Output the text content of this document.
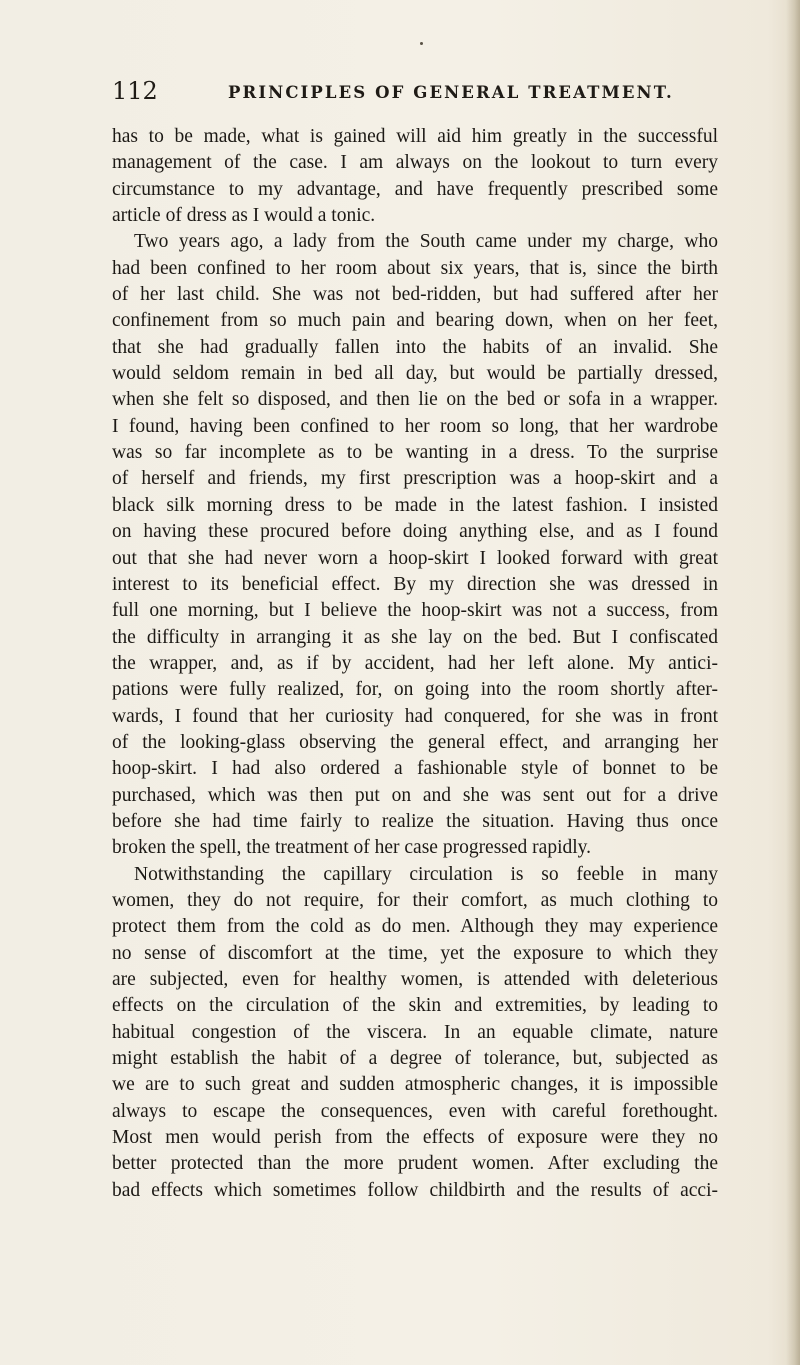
112	PRINCIPLES OF GENERAL TREATMENT.

has to be made, what is gained will aid him greatly in the successful

management of the case. I am always on the lookout to turn every

circumstance to my advantage, and have frequently prescribed some

article of dress as I would a tonic.

Two years ago, a lady from the South came under my charge, who

had been confined to her room about six years, that is, since the birth

of her last child. She was not bed-ridden, but had suffered after her

confinement from so much pain and bearing down, when on her feet,

that she had gradually fallen into the habits of an invalid. She

would seldom remain in bed all day, but would be partially dressed,

when she felt so disposed, and then lie on the bed or sofa in a wrapper.

I found, having been confined to her room so long, that her wardrobe

was so far incomplete as to be wanting in a dress. To the surprise

of herself and friends, my first prescription was a hoop-skirt and a

black silk morning dress to be made in the latest fashion. I insisted

on having these procured before doing anything else, and as I found

out that she had never worn a hoop-skirt I looked forward with great

interest to its beneficial effect. By my direction she was dressed in

full one morning, but I believe the hoop-skirt was not a success, from

the difficulty in arranging it as she lay on the bed. But I confiscated

the wrapper, and, as if by accident, had her left alone. My antici-

pations were fully realized, for, on going into the room shortly after-

wards, I found that her curiosity had conquered, for she was in front

of the looking-glass observing the general effect, and arranging her

hoop-skirt. I had also ordered a fashionable style of bonnet to be

purchased, which was then put on and she was sent out for a drive

before she had time fairly to realize the situation. Having thus once

broken the spell, the treatment of her case progressed rapidly.

Notwithstanding the capillary circulation is so feeble in many

women, they do not require, for their comfort, as much clothing to

protect them from the cold as do men. Although they may experience

no sense of discomfort at the time, yet the exposure to which they

are subjected, even for healthy women, is attended with deleterious

effects on the circulation of the skin and extremities, by leading to

habitual congestion of the viscera. In an equable climate, nature

might establish the habit of a degree of tolerance, but, subjected as

we are to such great and sudden atmospheric changes, it is impossible

always to escape the consequences, even with careful forethought.

Most men would perish from the effects of exposure were they no

better protected than the more prudent women. After excluding the

bad effects which sometimes follow childbirth and the results of acci-
